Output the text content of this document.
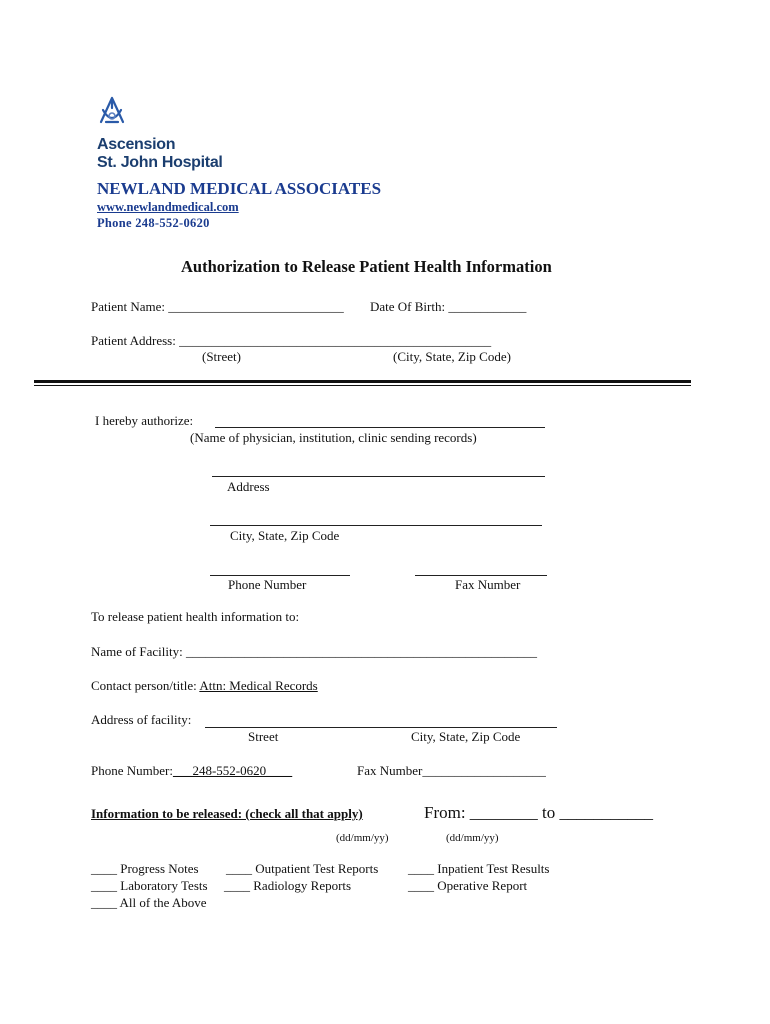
Ascension
St. John Hospital
NEWLAND MEDICAL ASSOCIATES
www.newlandmedical.com
Phone 248-552-0620
Authorization to Release Patient Health Information
Patient Name: ___________________________ Date Of Birth: ____________
Patient Address: ________________________________________________
(Street)	(City, State, Zip Code)
I hereby authorize:
(Name of physician, institution, clinic sending records)
Address
City, State, Zip Code
Phone Number	Fax Number
To release patient health information to:
Name of Facility: ______________________________________________________
Contact person/title: Attn: Medical Records
Address of facility:
Street	City, State, Zip Code
Phone Number:___248-552-0620____	Fax Number___________________
Information to be released: (check all that apply)	From: ________ to ___________
(dd/mm/yy)	(dd/mm/yy)
____ Progress Notes ____ Outpatient Test Reports ____ Inpatient Test Results
____ Laboratory Tests ____ Radiology Reports	____ Operative Report
____ All of the Above
